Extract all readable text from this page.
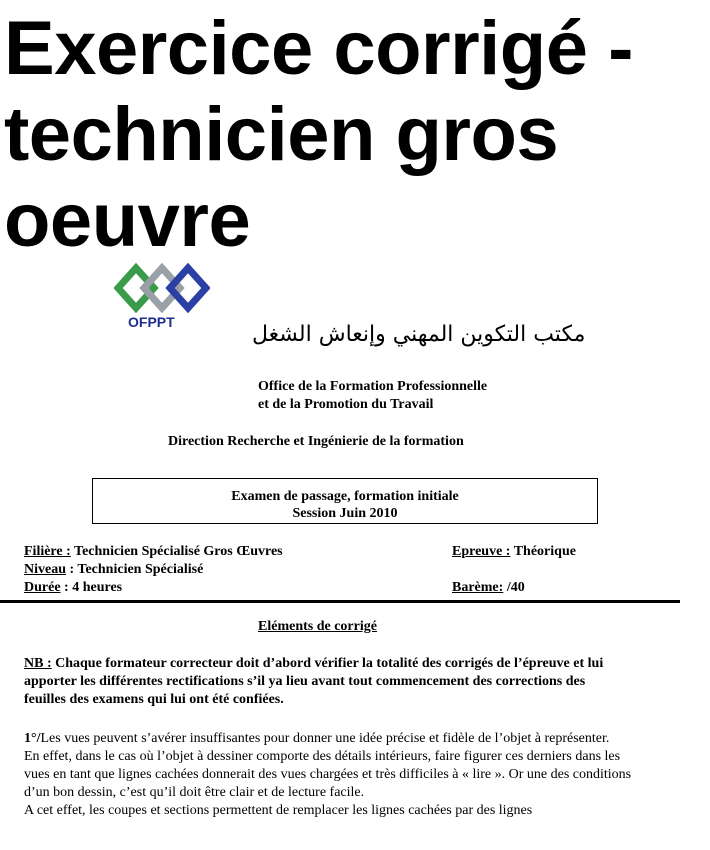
Exercice corrigé -
technicien gros
oeuvre
OFPPT	مكتب التكوين المهني وإنعاش الشغل
Office de la Formation Professionnelle
et de la Promotion du Travail
Direction Recherche et Ingénierie de la formation
Examen de passage, formation initiale
Session Juin 2010
Filière : Technicien Spécialisé Gros Œuvres
Niveau : Technicien Spécialisé
Durée : 4 heures
Epreuve : Théorique
Barème: /40
Eléments de corrigé
NB : Chaque formateur correcteur doit d’abord vérifier la totalité des corrigés de l’épreuve et lui apporter les différentes rectifications s’il ya lieu avant tout commencement des corrections des feuilles des examens qui lui ont été confiées.

1°/Les vues peuvent s’avérer insuffisantes pour donner une idée précise et fidèle de l’objet à représenter.

En effet, dans le cas où l’objet à dessiner comporte des détails intérieurs, faire figurer ces derniers dans les vues en tant que lignes cachées donnerait des vues chargées et très difficiles à « lire ». Or une des conditions d’un bon dessin, c’est qu’il doit être clair et de lecture facile.

A cet effet, les coupes et sections permettent de remplacer les lignes cachées par des lignes
